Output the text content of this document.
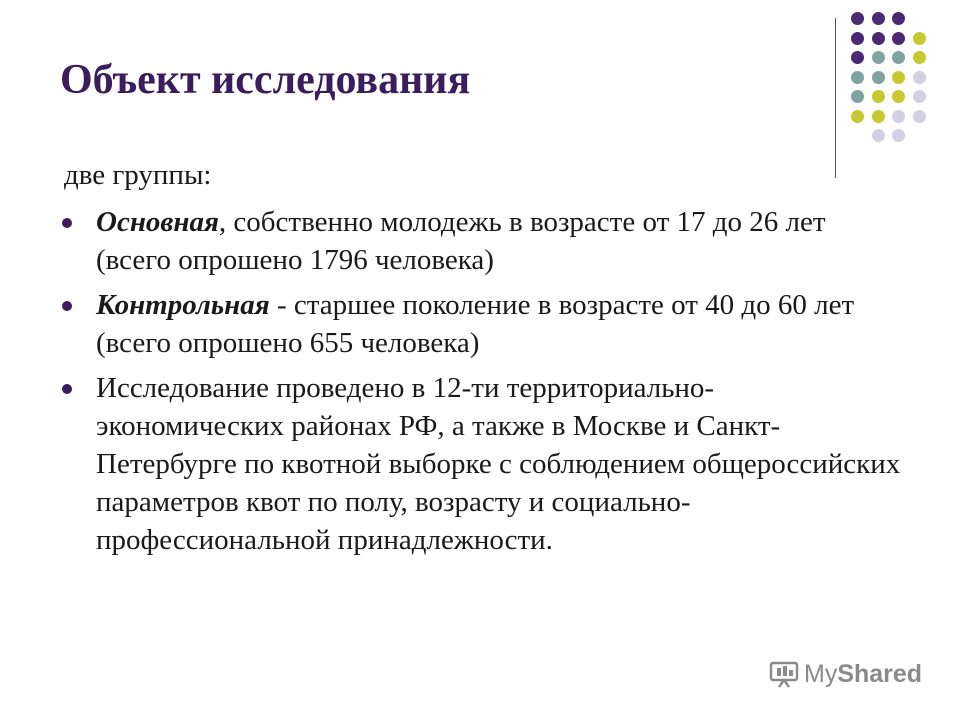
Объект исследования

две группы:

Основная, собственно молодежь в возрасте от 17 до 26 лет (всего опрошено 1796 человека)
Контрольная - старшее поколение в возрасте от 40 до 60 лет (всего опрошено 655 человека)
Исследование проведено в 12-ти территориально-экономических районах РФ, а также в Москве и Санкт-Петербурге по квотной выборке с соблюдением общероссийских параметров квот по полу, возрасту и социально-профессиональной принадлежности.
My Shared
